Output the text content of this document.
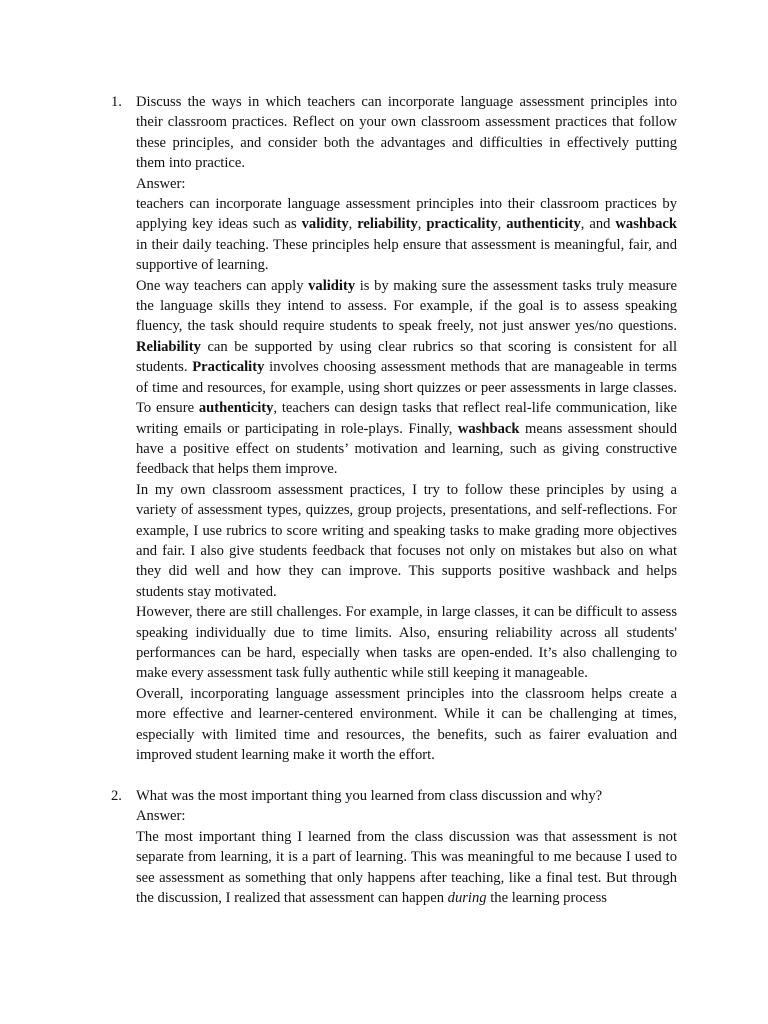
1. Discuss the ways in which teachers can incorporate language assessment principles into their classroom practices. Reflect on your own classroom assessment practices that follow these principles, and consider both the advantages and difficulties in effectively putting them into practice.

Answer:

teachers can incorporate language assessment principles into their classroom practices by applying key ideas such as validity, reliability, practicality, authenticity, and washback in their daily teaching. These principles help ensure that assessment is meaningful, fair, and supportive of learning.

One way teachers can apply validity is by making sure the assessment tasks truly measure the language skills they intend to assess. For example, if the goal is to assess speaking fluency, the task should require students to speak freely, not just answer yes/no questions. Reliability can be supported by using clear rubrics so that scoring is consistent for all students. Practicality involves choosing assessment methods that are manageable in terms of time and resources, for example, using short quizzes or peer assessments in large classes. To ensure authenticity, teachers can design tasks that reflect real-life communication, like writing emails or participating in role-plays. Finally, washback means assessment should have a positive effect on students’ motivation and learning, such as giving constructive feedback that helps them improve.

In my own classroom assessment practices, I try to follow these principles by using a variety of assessment types, quizzes, group projects, presentations, and self-reflections. For example, I use rubrics to score writing and speaking tasks to make grading more objectives and fair. I also give students feedback that focuses not only on mistakes but also on what they did well and how they can improve. This supports positive washback and helps students stay motivated.

However, there are still challenges. For example, in large classes, it can be difficult to assess speaking individually due to time limits. Also, ensuring reliability across all students' performances can be hard, especially when tasks are open-ended. It’s also challenging to make every assessment task fully authentic while still keeping it manageable.

Overall, incorporating language assessment principles into the classroom helps create a more effective and learner-centered environment. While it can be challenging at times, especially with limited time and resources, the benefits, such as fairer evaluation and improved student learning make it worth the effort.

2. What was the most important thing you learned from class discussion and why?

Answer:

The most important thing I learned from the class discussion was that assessment is not separate from learning, it is a part of learning. This was meaningful to me because I used to see assessment as something that only happens after teaching, like a final test. But through the discussion, I realized that assessment can happen during the learning process
